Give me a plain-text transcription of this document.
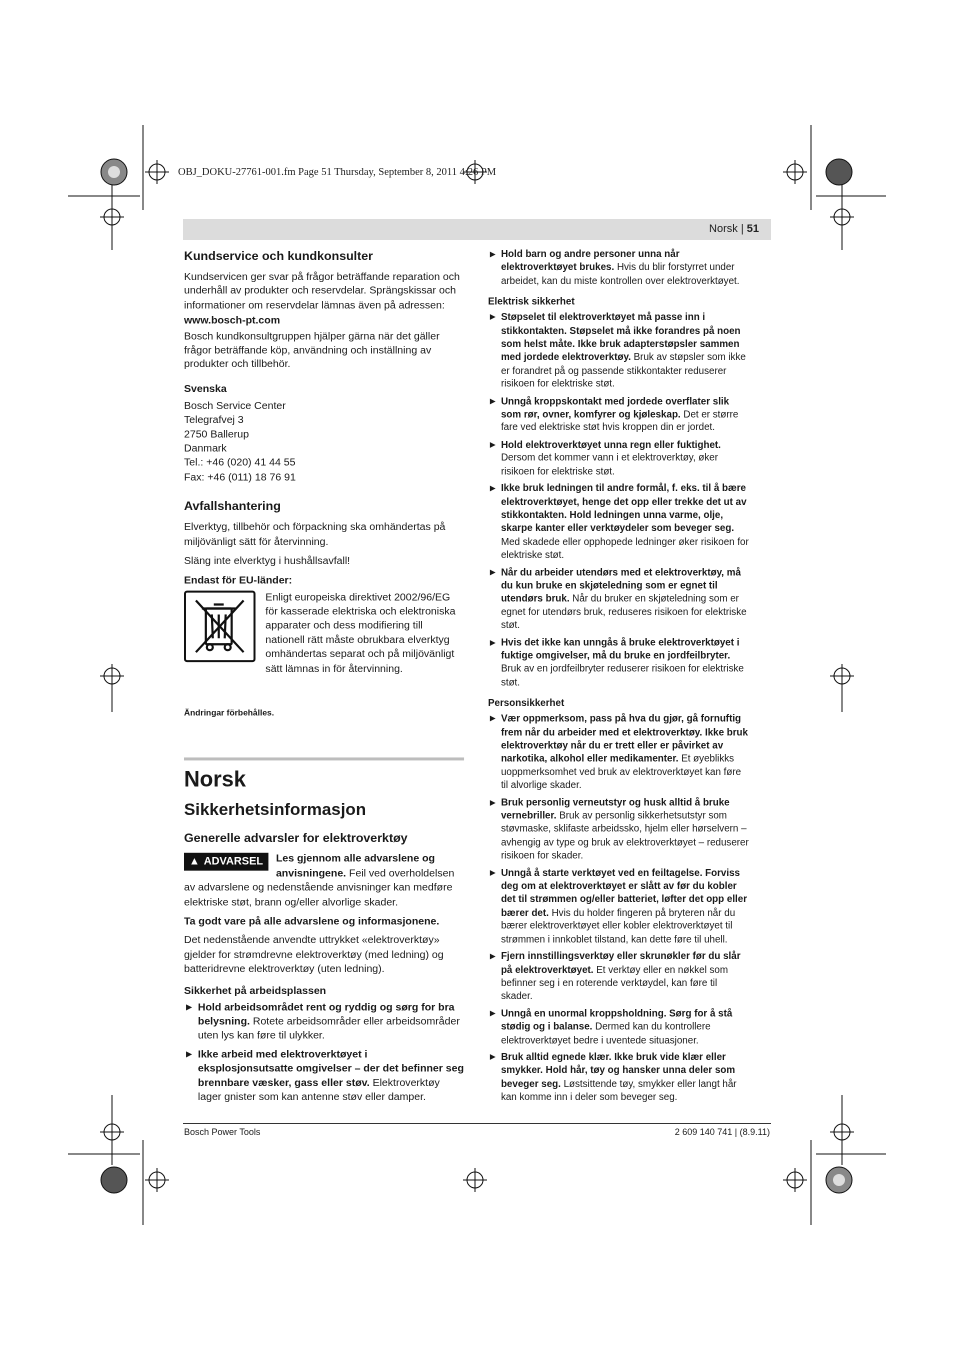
OBJ_DOKU-27761-001.fm Page 51 Thursday, September 8, 2011 4:26 PM
Norsk | 51
Kundservice och kundkonsulter

Kundservicen ger svar på frågor beträffande reparation och underhåll av produkter och reservdelar. Sprängskissar och informationer om reservdelar lämnas även på adressen:

www.bosch-pt.com

Bosch kundkonsultgruppen hjälper gärna när det gäller frågor beträffande köp, användning och inställning av produkter och tillbehör.

Svenska
Bosch Service Center
Telegrafvej 3
2750 Ballerup
Danmark
Tel.: +46 (020) 41 44 55
Fax: +46 (011) 18 76 91
Avfallshantering

Elverktyg, tillbehör och förpackning ska omhändertas på miljövänligt sätt för återvinning.

Släng inte elverktyg i hushållsavfall!

Endast för EU-länder:
Enligt europeiska direktivet 2002/96/EG för kasserade elektriska och elektroniska apparater och dess modifiering till nationell rätt måste obrukbara elverktyg omhändertas separat och på miljövänligt sätt lämnas in för återvinning.
Ändringar förbehålles.
Norsk
Sikkerhetsinformasjon
Generelle advarsler for elektroverktøy

▲ ADVARSEL	Les gjennom alle advarslene og anvisningene. Feil ved overholdelsen av advarslene og nedenstående anvisninger kan medføre elektriske støt, brann og/eller alvorlige skader.

Ta godt vare på alle advarslene og informasjonene.

Det nedenstående anvendte uttrykket «elektroverktøy» gjelder for strømdrevne elektroverktøy (med ledning) og batteridrevne elektroverktøy (uten ledning).

Sikkerhet på arbeidsplassen
▶ Hold arbeidsområdet rent og ryddig og sørg for bra belysning. Rotete arbeidsområder eller arbeidsområder uten lys kan føre til ulykker.
▶ Ikke arbeid med elektroverktøyet i eksplosjonsutsatte omgivelser – der det befinner seg brennbare væsker, gass eller støv. Elektroverktøy lager gnister som kan antenne støv eller damper.
▶ Hold barn og andre personer unna når elektroverktøyet brukes. Hvis du blir forstyrret under arbeidet, kan du miste kontrollen over elektroverktøyet.
Elektrisk sikkerhet
▶ Støpselet til elektroverktøyet må passe inn i stikkontakten. Støpselet må ikke forandres på noen som helst måte. Ikke bruk adapterstøpsler sammen med jordede elektroverktøy. Bruk av støpsler som ikke er forandret på og passende stikkontakter reduserer risikoen for elektriske støt.
▶ Unngå kroppskontakt med jordede overflater slik som rør, ovner, komfyrer og kjøleskap. Det er større fare ved elektriske støt hvis kroppen din er jordet.
▶ Hold elektroverktøyet unna regn eller fuktighet. Dersom det kommer vann i et elektroverktøy, øker risikoen for elektriske støt.
▶ Ikke bruk ledningen til andre formål, f. eks. til å bære elektroverktøyet, henge det opp eller trekke det ut av stikkontakten. Hold ledningen unna varme, olje, skarpe kanter eller verktøydeler som beveger seg. Med skadede eller opphopede ledninger øker risikoen for elektriske støt.
▶ Når du arbeider utendørs med et elektroverktøy, må du kun bruke en skjøteledning som er egnet til utendørs bruk. Når du bruker en skjøteledning som er egnet for utendørs bruk, reduseres risikoen for elektriske støt.
▶ Hvis det ikke kan unngås å bruke elektroverktøyet i fuktige omgivelser, må du bruke en jordfeilbryter. Bruk av en jordfeilbryter reduserer risikoen for elektriske støt.
Personsikkerhet
▶ Vær oppmerksom, pass på hva du gjør, gå fornuftig frem når du arbeider med et elektroverktøy. Ikke bruk elektroverktøy når du er trett eller er påvirket av narkotika, alkohol eller medikamenter. Et øyeblikks uoppmerksomhet ved bruk av elektroverktøyet kan føre til alvorlige skader.
▶ Bruk personlig verneutstyr og husk alltid å bruke vernebriller. Bruk av personlig sikkerhetsutstyr som støvmaske, sklifaste arbeidssko, hjelm eller hørselvern – avhengig av type og bruk av elektroverktøyet – reduserer risikoen for skader.
▶ Unngå å starte verktøyet ved en feiltagelse. Forviss deg om at elektroverktøyet er slått av før du kobler det til strømmen og/eller batteriet, løfter det opp eller bærer det. Hvis du holder fingeren på bryteren når du bærer elektroverktøyet eller kobler elektroverktøyet til strømmen i innkoblet tilstand, kan dette føre til uhell.
▶ Fjern innstillingsverktøy eller skrunøkler før du slår på elektroverktøyet. Et verktøy eller en nøkkel som befinner seg i en roterende verktøydel, kan føre til skader.
▶ Unngå en unormal kroppsholdning. Sørg for å stå stødig og i balanse. Dermed kan du kontrollere elektroverktøyet bedre i uventede situasjoner.
▶ Bruk alltid egnede klær. Ikke bruk vide klær eller smykker. Hold hår, tøy og hansker unna deler som beveger seg. Løstsittende tøy, smykker eller langt hår kan komme inn i deler som beveger seg.
Bosch Power Tools	2 609 140 741 | (8.9.11)
